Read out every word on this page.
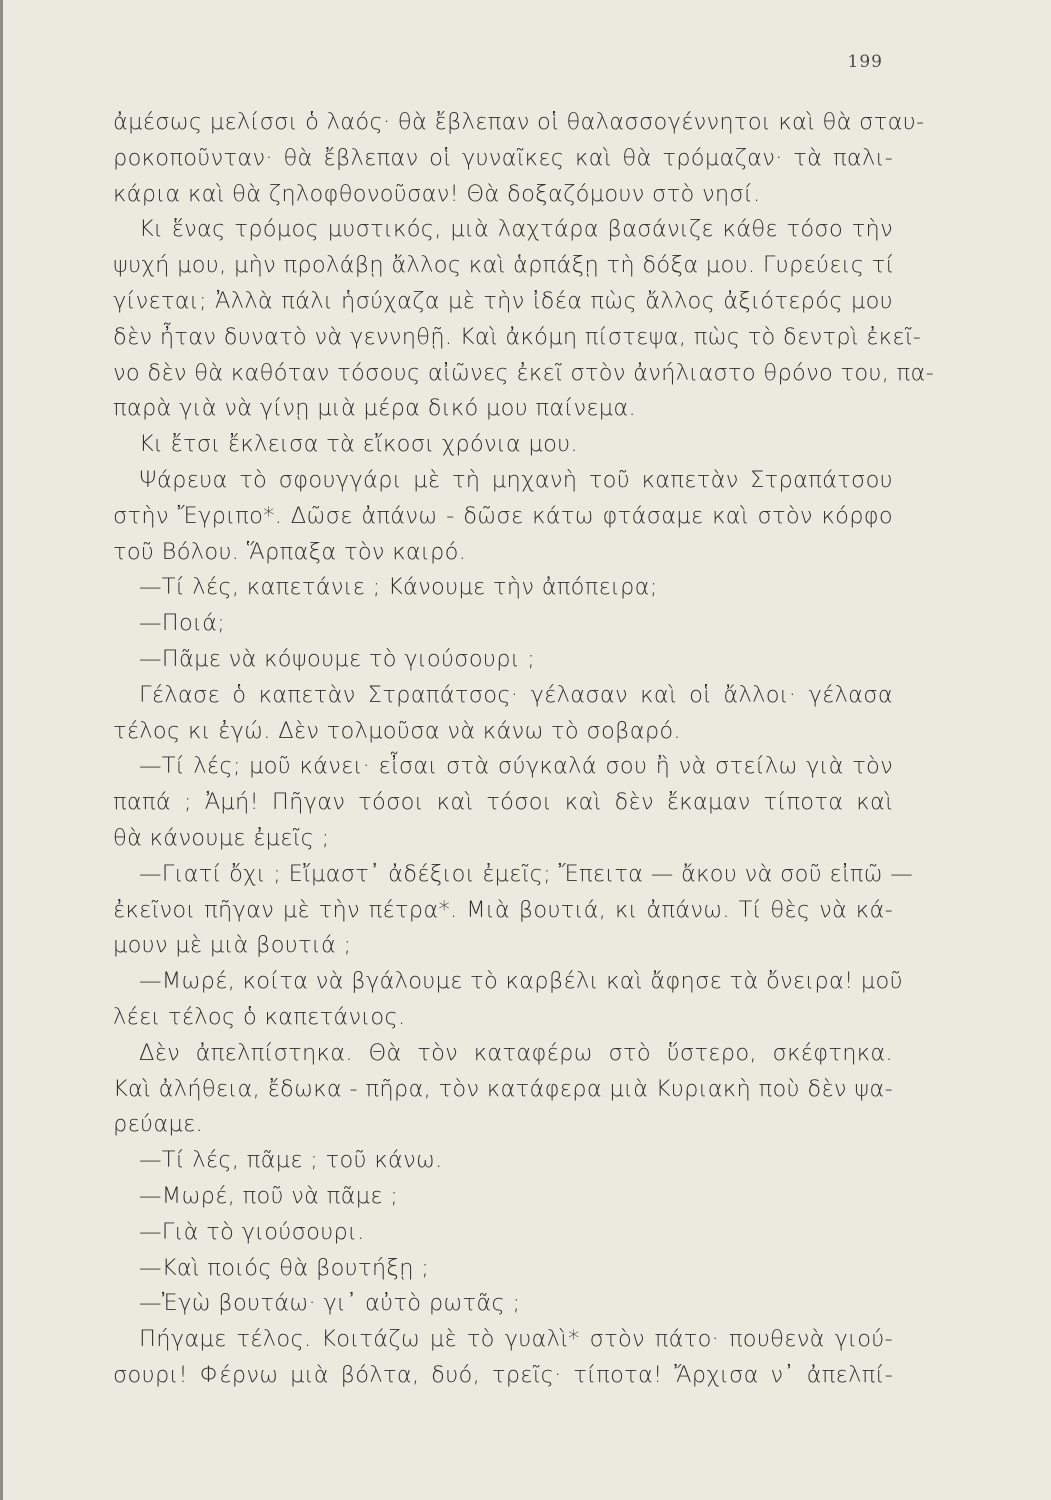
199
ἀμέσως μελίσσι ὁ λαός· θὰ ἔβλεπαν οἱ θαλασσογέννητοι καὶ θὰ σταυ-
ροκοποῦνταν· θὰ ἔβλεπαν οἱ γυναῖκες καὶ θὰ τρόμαζαν· τὰ παλι-
κάρια καὶ θὰ ζηλοφθονοῦσαν! Θὰ δοξαζόμουν στὸ νησί.
Κι ἕνας τρόμος μυστικός, μιὰ λαχτάρα βασάνιζε κάθε τόσο τὴν
ψυχή μου, μὴν προλάβῃ ἄλλος καὶ ἁρπάξῃ τὴ δόξα μου. Γυρεύεις τί
γίνεται; Ἀλλὰ πάλι ἡσύχαζα μὲ τὴν ἰδέα πὼς ἄλλος ἀξιότερός μου
δὲν ἦταν δυνατὸ νὰ γεννηθῇ. Καὶ ἀκόμη πίστεψα, πὼς τὸ δεντρὶ ἐκεῖ-
νο δὲν θὰ καθόταν τόσους αἰῶνες ἐκεῖ στὸν ἀνήλιαστο θρόνο του, πα-
παρὰ γιὰ νὰ γίνῃ μιὰ μέρα δικό μου παίνεμα.
Κι ἔτσι ἔκλεισα τὰ εἴκοσι χρόνια μου.
Ψάρευα τὸ σφουγγάρι μὲ τὴ μηχανὴ τοῦ καπετὰν Στραπάτσου
στὴν Ἔγριπο*. Δῶσε ἀπάνω - δῶσε κάτω φτάσαμε καὶ στὸν κόρφο
τοῦ Βόλου. Ἅρπαξα τὸν καιρό.
—Τί λές, καπετάνιε ; Κάνουμε τὴν ἀπόπειρα;
—Ποιά;
—Πᾶμε νὰ κόψουμε τὸ γιούσουρι ;
Γέλασε ὁ καπετὰν Στραπάτσος· γέλασαν καὶ οἱ ἄλλοι· γέλασα
τέλος κι ἐγώ. Δὲν τολμοῦσα νὰ κάνω τὸ σοβαρό.
—Τί λές; μοῦ κάνει· εἶσαι στὰ σύγκαλά σου ἢ νὰ στείλω γιὰ τὸν
παπά ; Ἀμή! Πῆγαν τόσοι καὶ τόσοι καὶ δὲν ἔκαμαν τίποτα καὶ
θὰ κάνουμε ἐμεῖς ;
—Γιατί ὄχι ; Εἴμαστ᾽ ἀδέξιοι ἐμεῖς; Ἔπειτα — ἄκου νὰ σοῦ εἰπῶ —
ἐκεῖνοι πῆγαν μὲ τὴν πέτρα*. Μιὰ βουτιά, κι ἀπάνω. Τί θὲς νὰ κά-
μουν μὲ μιὰ βουτιά ;
—Μωρέ, κοίτα νὰ βγάλουμε τὸ καρβέλι καὶ ἄφησε τὰ ὄνειρα! μοῦ
λέει τέλος ὁ καπετάνιος.
Δὲν ἀπελπίστηκα. Θὰ τὸν καταφέρω στὸ ὕστερο, σκέφτηκα.
Καὶ ἀλήθεια, ἔδωκα - πῆρα, τὸν κατάφερα μιὰ Κυριακὴ ποὺ δὲν ψα-
ρεύαμε.
—Τί λές, πᾶμε ; τοῦ κάνω.
—Μωρέ, ποῦ νὰ πᾶμε ;
—Γιὰ τὸ γιούσουρι.
—Καὶ ποιός θὰ βουτήξῃ ;
—Ἐγὼ βουτάω· γι᾽ αὐτὸ ρωτᾶς ;
Πήγαμε τέλος. Κοιτάζω μὲ τὸ γυαλὶ* στὸν πάτο· πουθενὰ γιού-
σουρι! Φέρνω μιὰ βόλτα, δυό, τρεῖς· τίποτα! Ἄρχισα ν᾽ ἀπελπί-
